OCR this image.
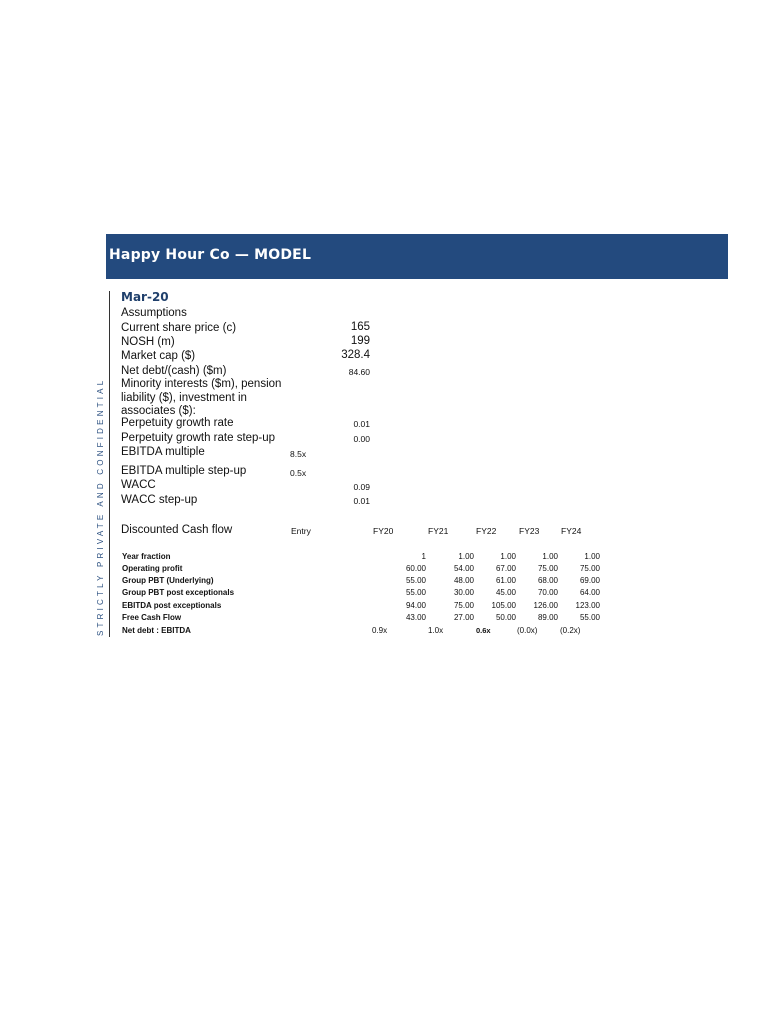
Happy Hour Co — MODEL
STRICTLY PRIVATE AND CONFIDENTIAL
Mar-20
Assumptions
Current share price (c)	165
NOSH (m)	199
Market cap ($)	328.4
Net debt/(cash) ($m)	84.60
Minority interests ($m), pension liability ($), investment in associates ($):
Perpetuity growth rate	0.01
Perpetuity growth rate step-up	0.00
EBITDA multiple	8.5x
EBITDA multiple step-up	0.5x
WACC	0.09
WACC step-up	0.01
Discounted Cash flow	Entry	FY20	FY21	FY22	FY23	FY24
Year fraction	1	1.00	1.00	1.00	1.00
Operating profit	60.00	54.00	67.00	75.00	75.00
Group PBT (Underlying)	55.00	48.00	61.00	68.00	69.00
Group PBT post exceptionals	55.00	30.00	45.00	70.00	64.00
EBITDA post exceptionals	94.00	75.00	105.00	126.00	123.00
Free Cash Flow	43.00	27.00	50.00	89.00	55.00
Net debt : EBITDA	0.9x	1.0x	0.6x	(0.0x)	(0.2x)
